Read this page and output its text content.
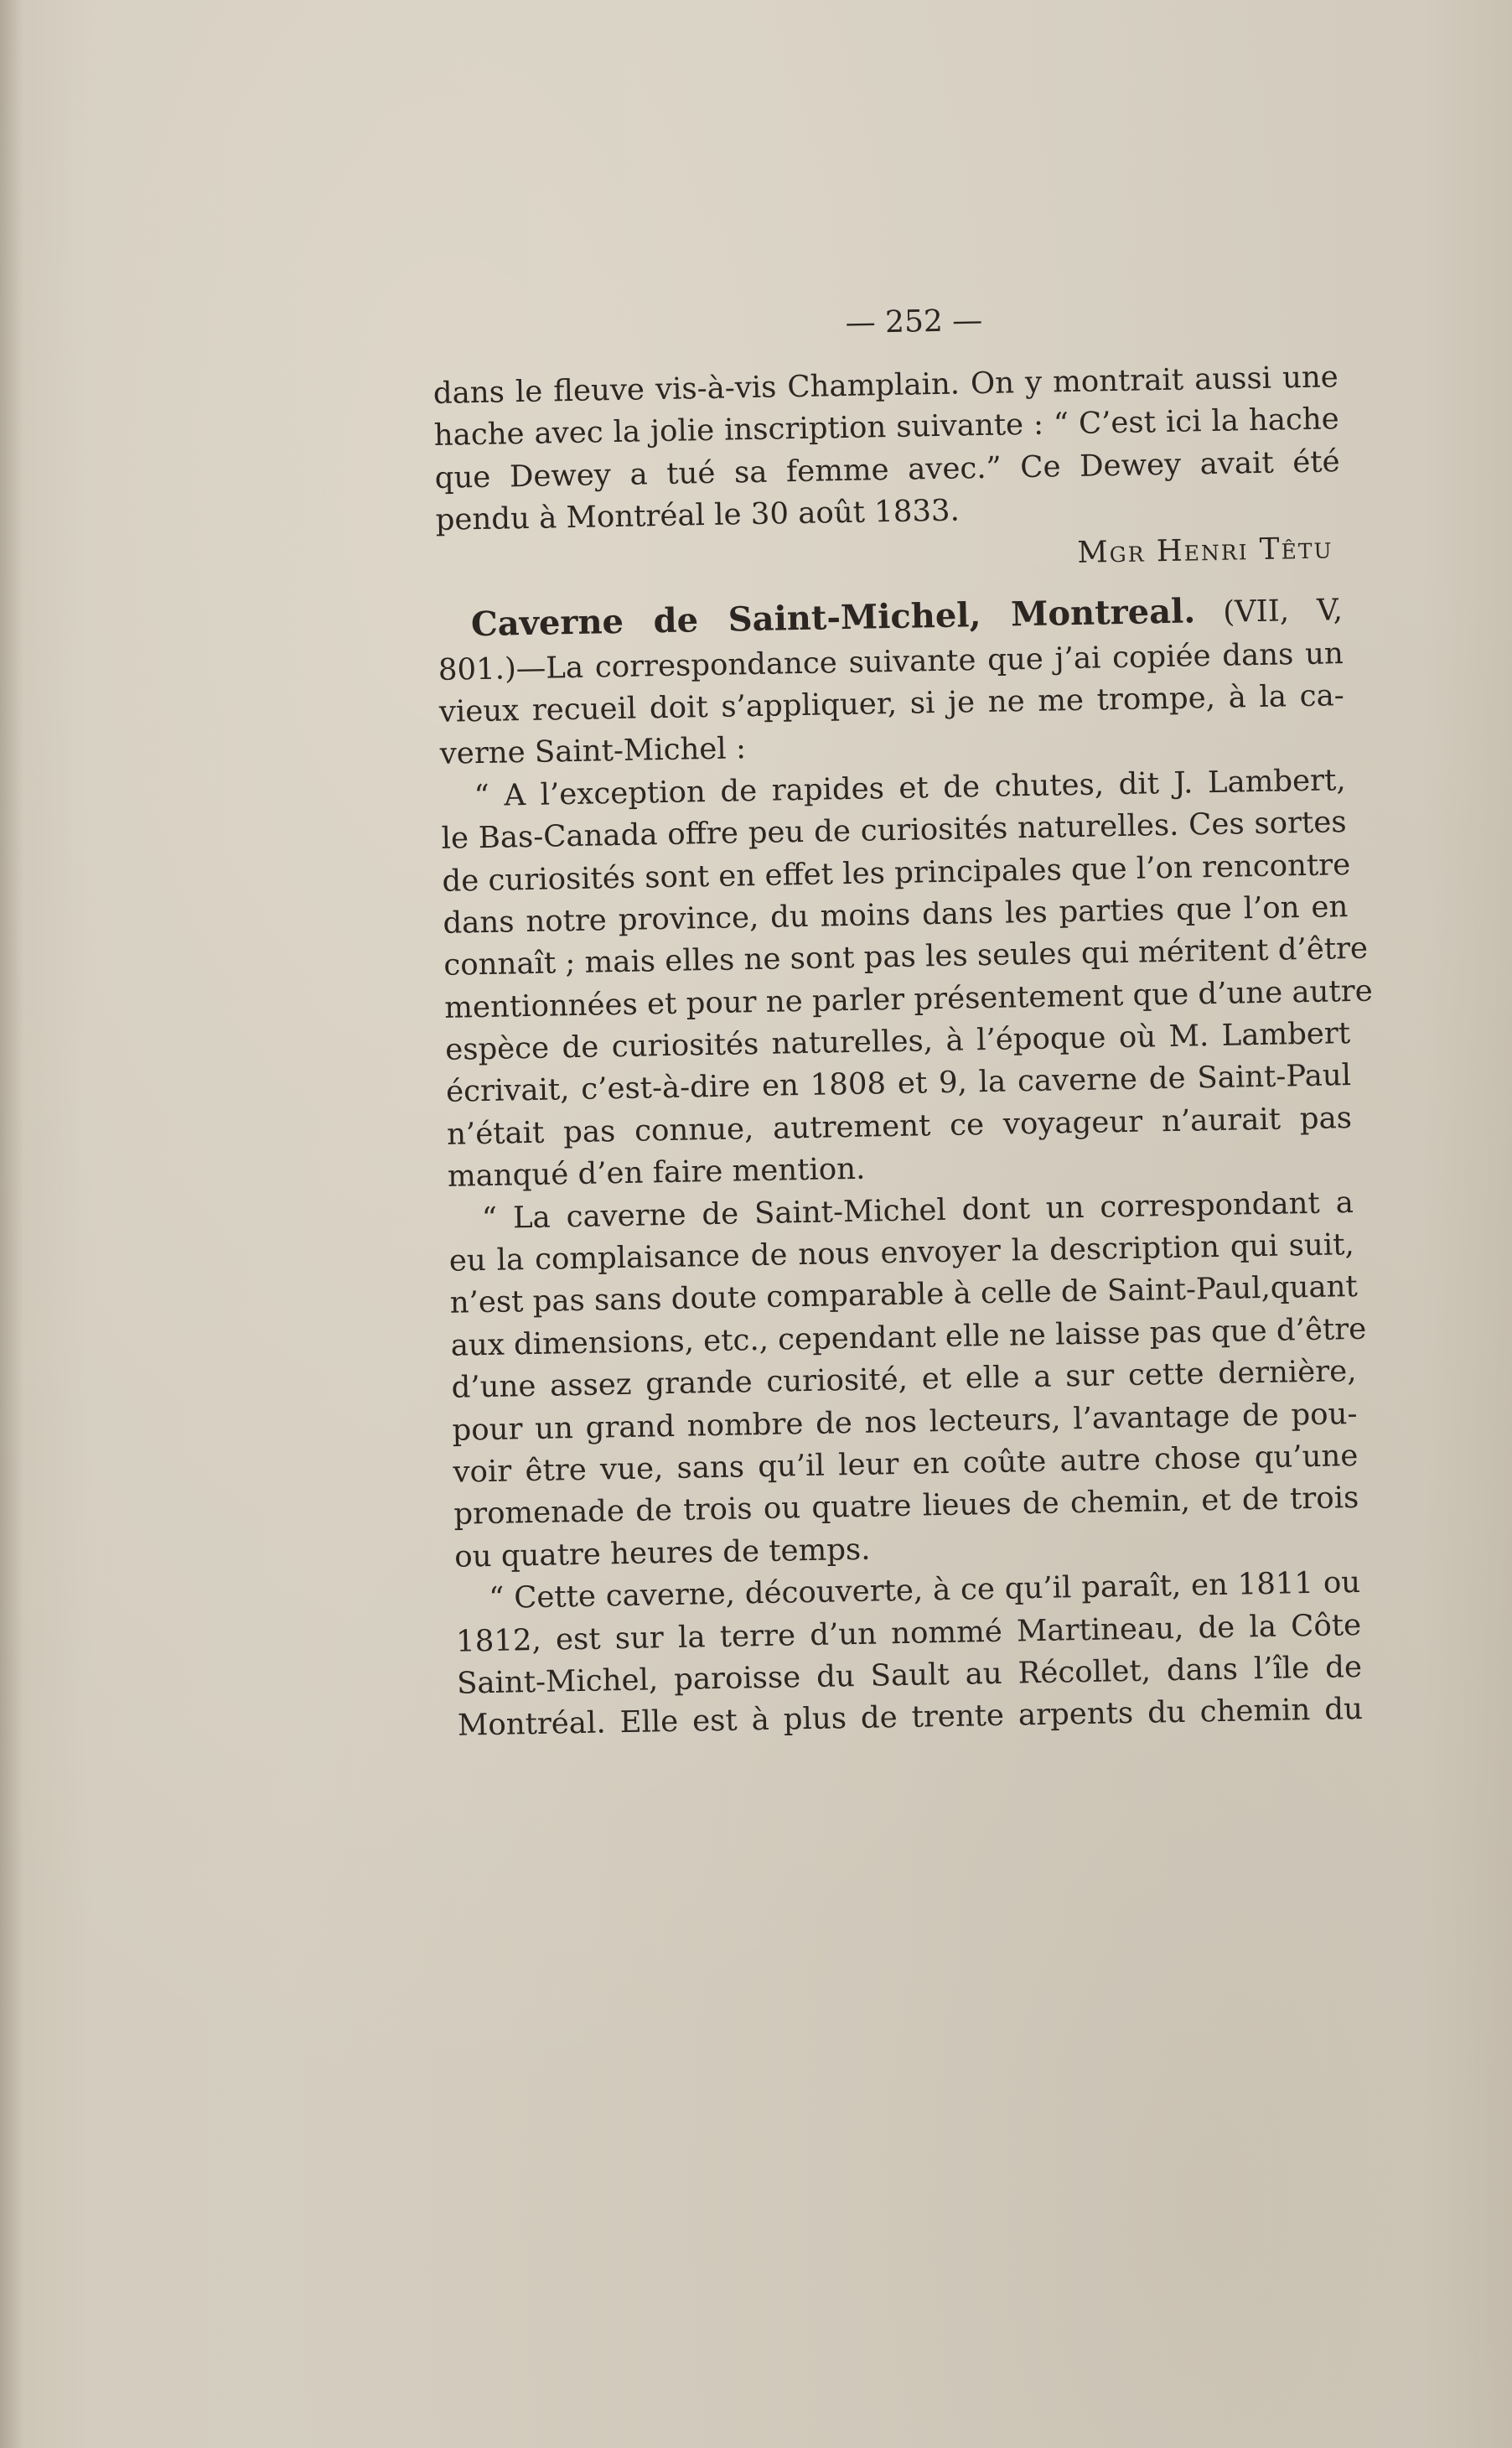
— 252 —
dans le fleuve vis-à-vis Champlain. On y montrait aussi une
hache avec la jolie inscription suivante : “ C’est ici la hache
que Dewey a tué sa femme avec.” Ce Dewey avait été
pendu à Montréal le 30 août 1833.
Mgr Henri Têtu
Caverne de Saint-Michel, Montreal. (VII, V,
801.)—La correspondance suivante que j’ai copiée dans un
vieux recueil doit s’appliquer, si je ne me trompe, à la ca-
verne Saint-Michel :
“ A l’exception de rapides et de chutes, dit J. Lambert,
le Bas-Canada offre peu de curiosités naturelles. Ces sortes
de curiosités sont en effet les principales que l’on rencontre
dans notre province, du moins dans les parties que l’on en
connaît ; mais elles ne sont pas les seules qui méritent d’être
mentionnées et pour ne parler présentement que d’une autre
espèce de curiosités naturelles, à l’époque où M. Lambert
écrivait, c’est-à-dire en 1808 et 9, la caverne de Saint-Paul
n’était pas connue, autrement ce voyageur n’aurait pas
manqué d’en faire mention.
“ La caverne de Saint-Michel dont un correspondant a
eu la complaisance de nous envoyer la description qui suit,
n’est pas sans doute comparable à celle de Saint-Paul,quant
aux dimensions, etc., cependant elle ne laisse pas que d’être
d’une assez grande curiosité, et elle a sur cette dernière,
pour un grand nombre de nos lecteurs, l’avantage de pou-
voir être vue, sans qu’il leur en coûte autre chose qu’une
promenade de trois ou quatre lieues de chemin, et de trois
ou quatre heures de temps.
“ Cette caverne, découverte, à ce qu’il paraît, en 1811 ou
1812, est sur la terre d’un nommé Martineau, de la Côte
Saint-Michel, paroisse du Sault au Récollet, dans l’île de
Montréal. Elle est à plus de trente arpents du chemin du
